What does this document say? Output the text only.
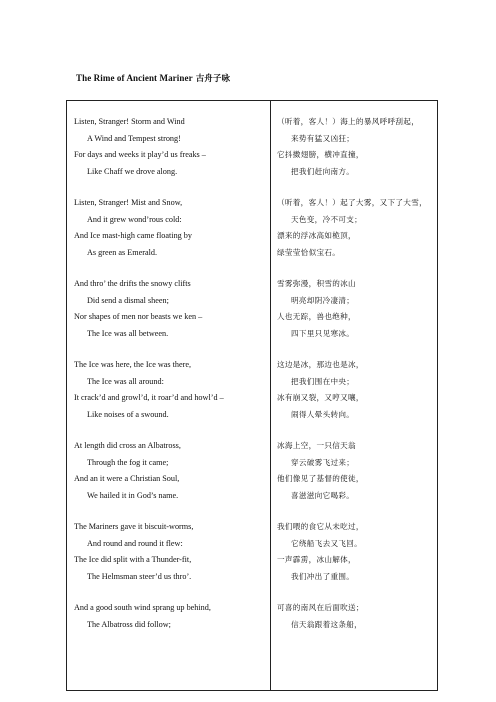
The Rime of Ancient Mariner 古舟子咏
Listen, Stranger! Storm and Wind
A Wind and Tempest strong!
For days and weeks it play’d us freaks –
Like Chaff we drove along.
Listen, Stranger! Mist and Snow,
And it grew wond’rous cold:
And Ice mast-high came floating by
As green as Emerald.
And thro’ the drifts the snowy clifts
Did send a dismal sheen;
Nor shapes of men nor beasts we ken –
The Ice was all between.
The Ice was here, the Ice was there,
The Ice was all around:
It crack’d and growl’d, it roar’d and howl’d –
Like noises of a swound.
At length did cross an Albatross,
Through the fog it came;
And an it were a Christian Soul,
We hailed it in God’s name.
The Mariners gave it biscuit-worms,
And round and round it flew:
The Ice did split with a Thunder-fit,
The Helmsman steer’d us thro’.
And a good south wind sprang up behind,
The Albatross did follow;
（听着，客人！）海上的暴风呼呼刮起，
来势有猛又凶狂；
它抖擞翅膀，横冲直撞，
把我们赶向南方。
（听着，客人！）起了大雾，又下了大雪，
天色变，冷不可支；
漂来的浮冰高如桅顶，
绿莹莹恰似宝石。
雪雾弥漫，积雪的冰山
明亮却阴冷凄清；
人也无踪，兽也绝种，
四下里只见寒冰。
这边是冰，那边也是冰，
把我们围在中央；
冰有崩又裂，又哼又嚷，
闹得人晕头转向。
冰海上空，一只信天翁
穿云破雾飞过来；
他们像见了基督的使徒，
喜滋滋向它喝彩。
我们喂的食它从未吃过，
它绕船飞去又飞回。
一声霹雳，冰山解体，
我们冲出了重围。
可喜的南风在后面吹送；
信天翁跟着这条船，
